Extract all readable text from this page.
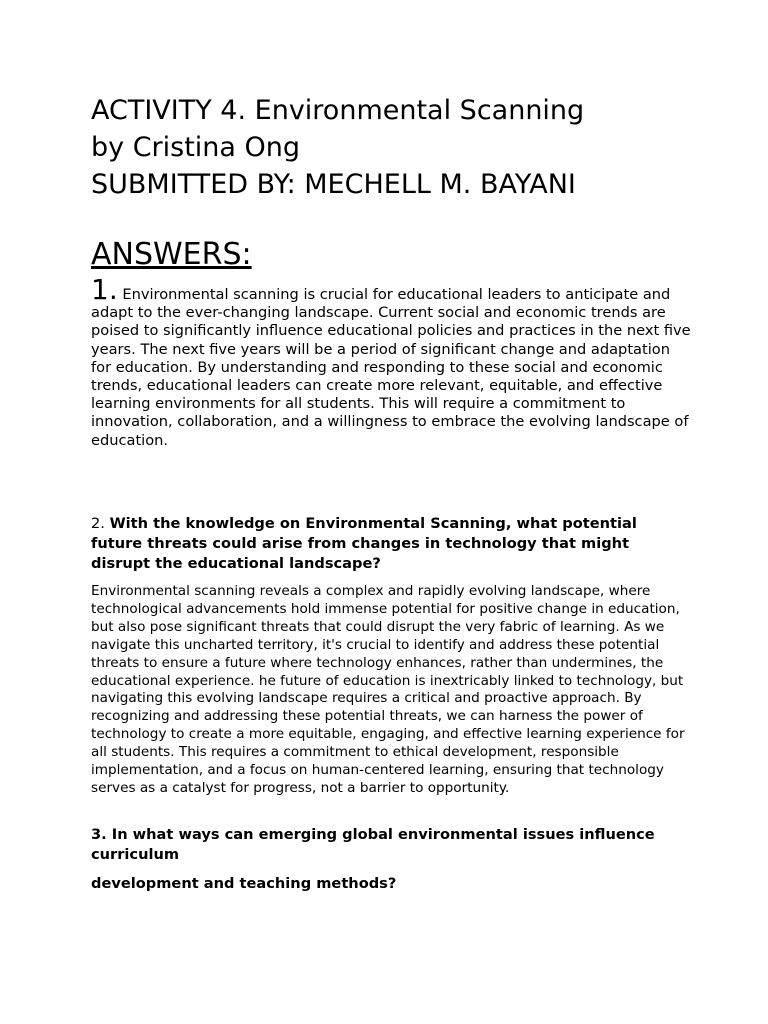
ACTIVITY 4. Environmental Scanning
by Cristina Ong
SUBMITTED BY: MECHELL M. BAYANI
ANSWERS:

1. Environmental scanning is crucial for educational leaders to anticipate and adapt to the ever-changing landscape. Current social and economic trends are poised to significantly influence educational policies and practices in the next five years. The next five years will be a period of significant change and adaptation for education. By understanding and responding to these social and economic trends, educational leaders can create more relevant, equitable, and effective learning environments for all students. This will require a commitment to innovation, collaboration, and a willingness to embrace the evolving landscape of education.

2. With the knowledge on Environmental Scanning, what potential future threats could arise from changes in technology that might disrupt the educational landscape?

Environmental scanning reveals a complex and rapidly evolving landscape, where technological advancements hold immense potential for positive change in education, but also pose significant threats that could disrupt the very fabric of learning. As we navigate this uncharted territory, it's crucial to identify and address these potential threats to ensure a future where technology enhances, rather than undermines, the educational experience. he future of education is inextricably linked to technology, but navigating this evolving landscape requires a critical and proactive approach. By recognizing and addressing these potential threats, we can harness the power of technology to create a more equitable, engaging, and effective learning experience for all students. This requires a commitment to ethical development, responsible implementation, and a focus on human-centered learning, ensuring that technology serves as a catalyst for progress, not a barrier to opportunity.

3. In what ways can emerging global environmental issues influence curriculum

development and teaching methods?
